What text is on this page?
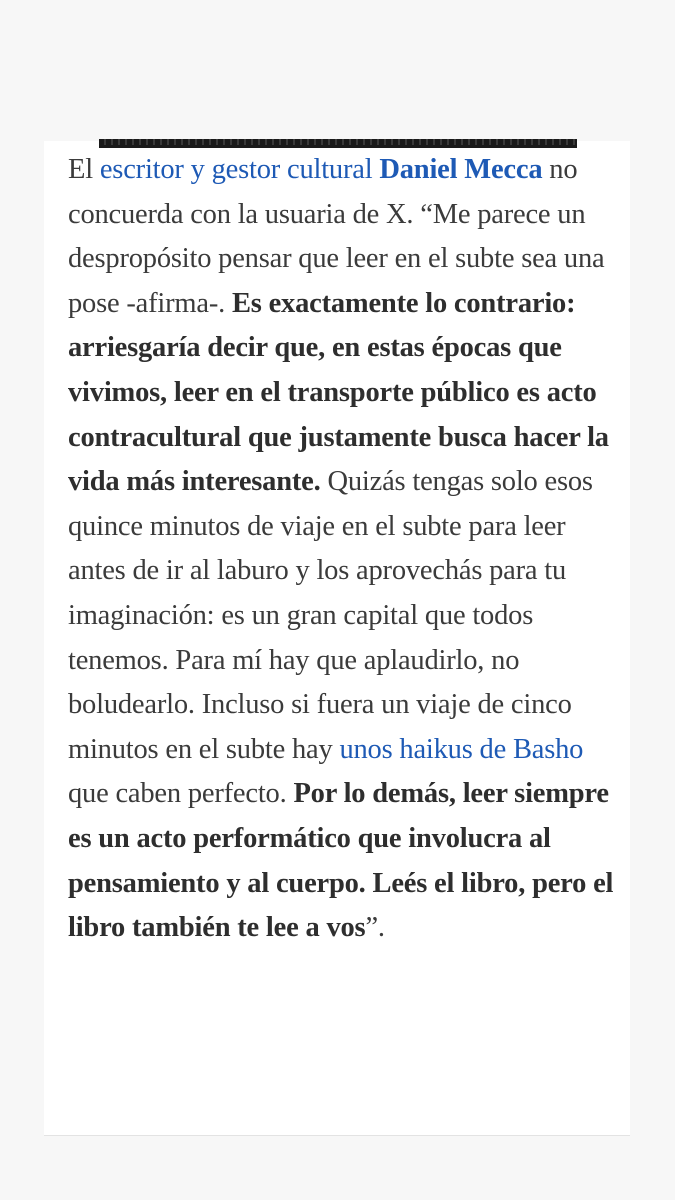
El escritor y gestor cultural Daniel Mecca no concuerda con la usuaria de X. “Me parece un despropósito pensar que leer en el subte sea una pose -afirma-. Es exactamente lo contrario: arriesgaría decir que, en estas épocas que vivimos, leer en el transporte público es acto contracultural que justamente busca hacer la vida más interesante. Quizás tengas solo esos quince minutos de viaje en el subte para leer antes de ir al laburo y los aprovechás para tu imaginación: es un gran capital que todos tenemos. Para mí hay que aplaudirlo, no boludearlo. Incluso si fuera un viaje de cinco minutos en el subte hay unos haikus de Basho que caben perfecto. Por lo demás, leer siempre es un acto performático que involucra al pensamiento y al cuerpo. Leés el libro, pero el libro también te lee a vos”.
